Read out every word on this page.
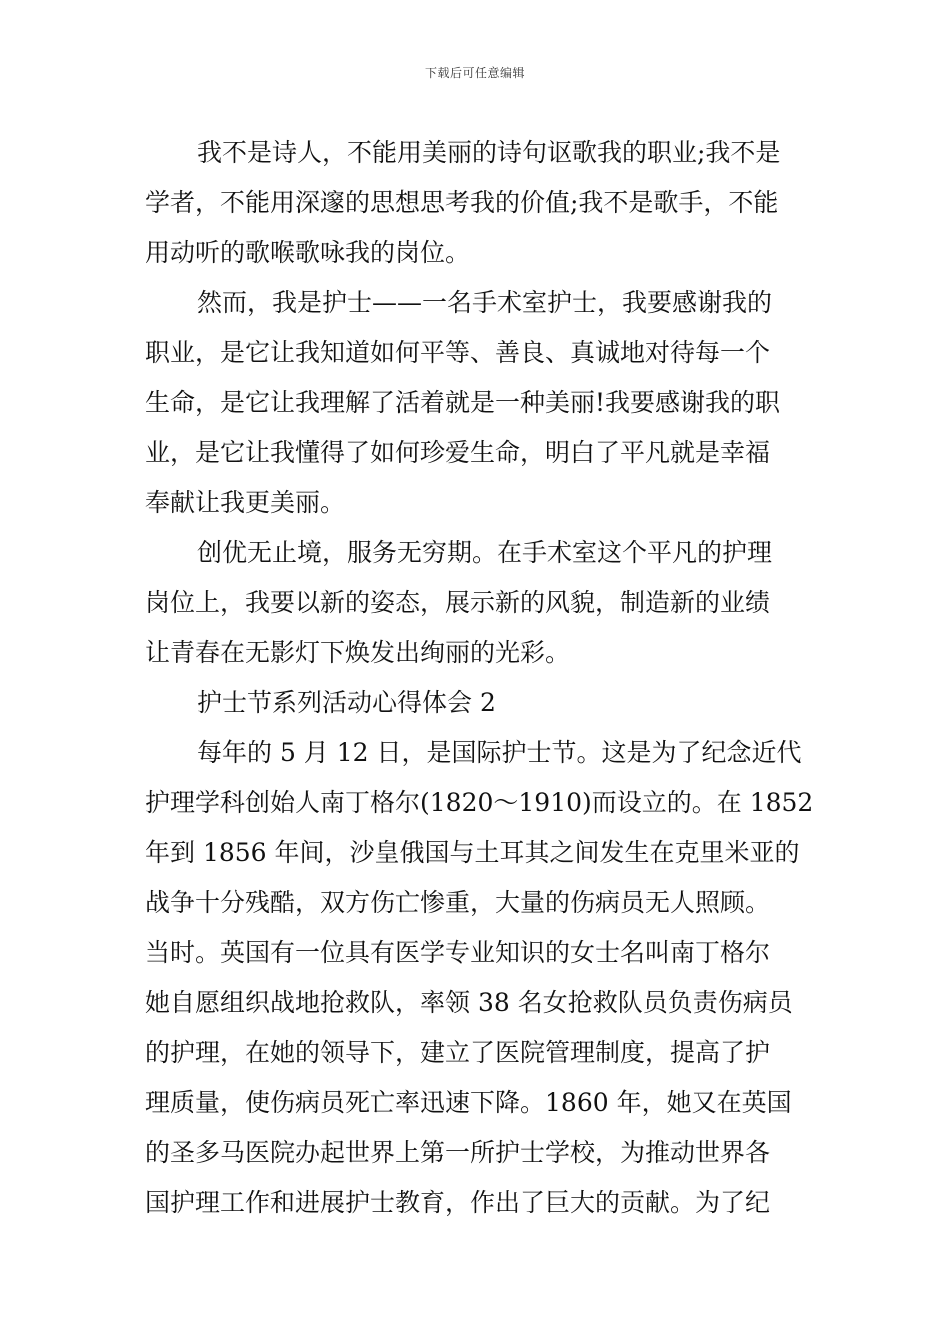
下载后可任意编辑
我不是诗人，不能用美丽的诗句讴歌我的职业;我不是
学者，不能用深邃的思想思考我的价值;我不是歌手，不能
用动听的歌喉歌咏我的岗位。
然而，我是护士——一名手术室护士，我要感谢我的
职业，是它让我知道如何平等、善良、真诚地对待每一个
生命，是它让我理解了活着就是一种美丽!我要感谢我的职
业，是它让我懂得了如何珍爱生命，明白了平凡就是幸福
奉献让我更美丽。
创优无止境，服务无穷期。在手术室这个平凡的护理
岗位上，我要以新的姿态，展示新的风貌，制造新的业绩
让青春在无影灯下焕发出绚丽的光彩。
护士节系列活动心得体会 2
每年的 5 月 12 日，是国际护士节。这是为了纪念近代
护理学科创始人南丁格尔(1820～1910)而设立的。在 1852
年到 1856 年间，沙皇俄国与土耳其之间发生在克里米亚的
战争十分残酷，双方伤亡惨重，大量的伤病员无人照顾。
当时。英国有一位具有医学专业知识的女士名叫南丁格尔
她自愿组织战地抢救队，率领 38 名女抢救队员负责伤病员
的护理，在她的领导下，建立了医院管理制度，提高了护
理质量，使伤病员死亡率迅速下降。1860 年，她又在英国
的圣多马医院办起世界上第一所护士学校，为推动世界各
国护理工作和进展护士教育，作出了巨大的贡献。为了纪
